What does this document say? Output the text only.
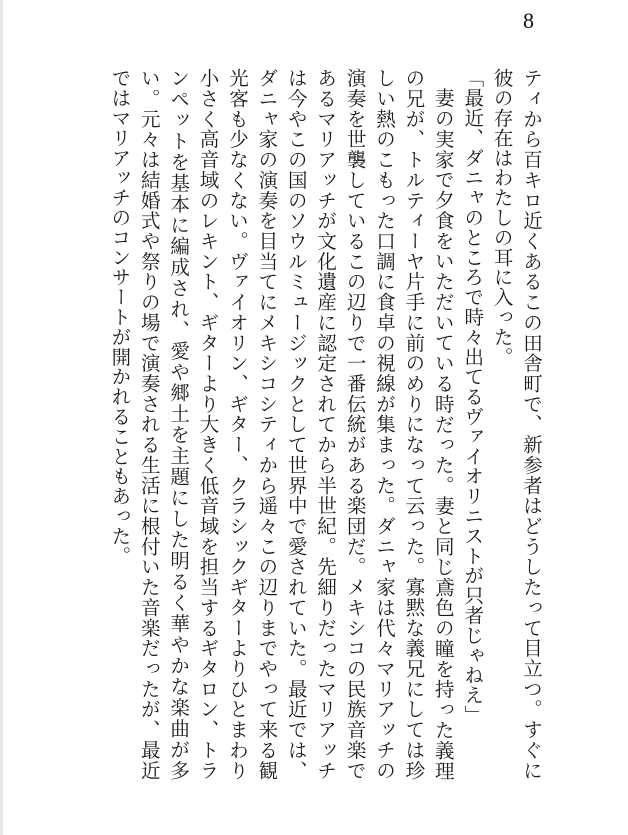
8

ティから百キロ近くあるこの田舎町で、新参者はどうしたって目立つ。すぐに彼の存在はわたしの耳に入った。

「最近、ダニャのところで時々出てるヴァイオリニストが只者じゃねえ」

妻の実家で夕食をいただいている時だった。妻と同じ鳶色の瞳を持った義理の兄が、トルティーヤ片手に前のめりになって云った。寡黙な義兄にしては珍しい熱のこもった口調に食卓の視線が集まった。ダニャ家は代々マリアッチの演奏を世襲しているこの辺りで一番伝統がある楽団だ。メキシコの民族音楽であるマリアッチが文化遺産に認定されてから半世紀。先細りだったマリアッチは今やこの国のソウルミュージックとして世界中で愛されていた。最近では、ダニャ家の演奏を目当てにメキシコシティから遥々この辺りまでやって来る観光客も少なくない。ヴァイオリン、ギター、クラシックギターよりひとまわり小さく高音域のレキント、ギターより大きく低音域を担当するギタロン、トランペットを基本に編成され、愛や郷土を主題にした明るく華やかな楽曲が多い。元々は結婚式や祭りの場で演奏される生活に根付いた音楽だったが、最近ではマリアッチのコンサートが開かれることもあった。
